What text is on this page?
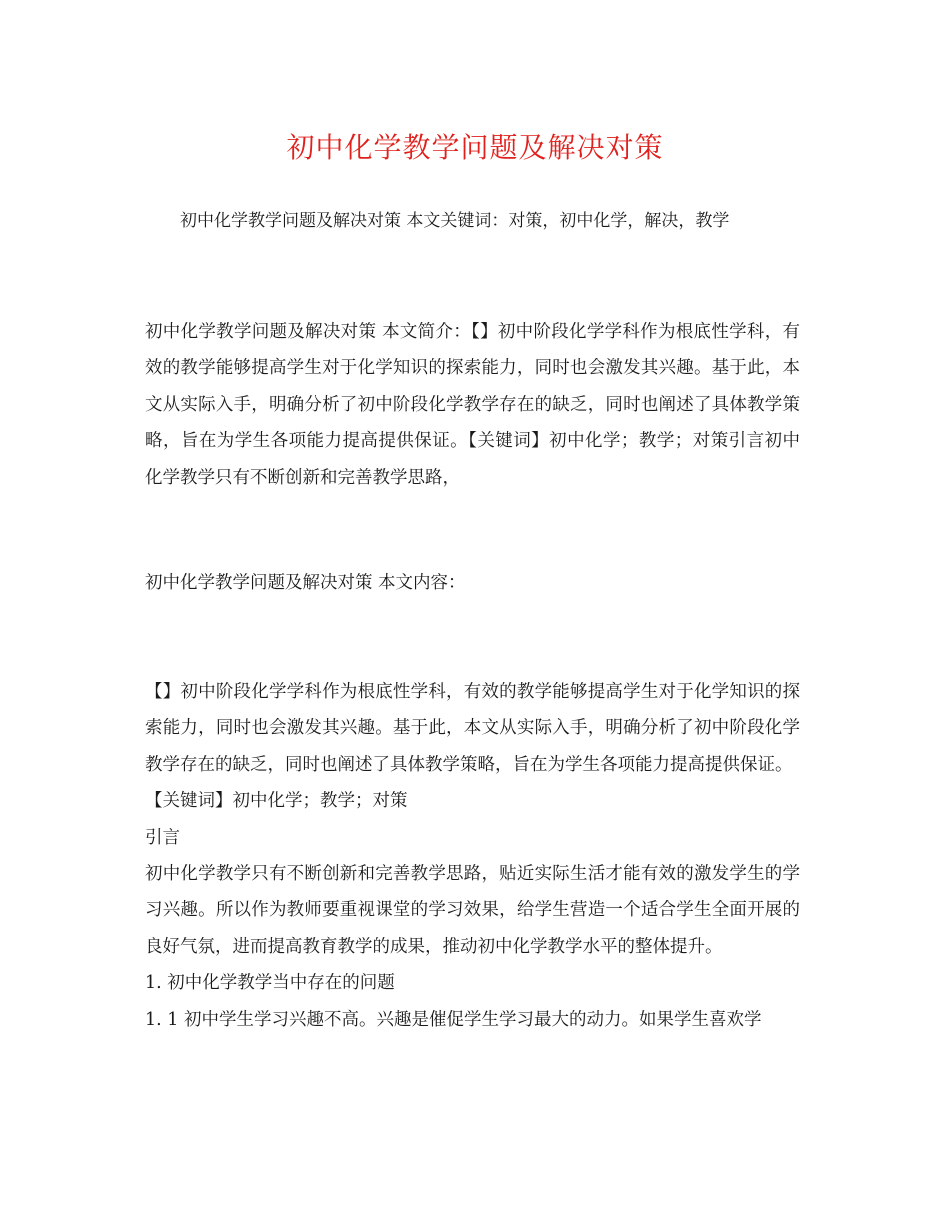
初中化学教学问题及解决对策
初中化学教学问题及解决对策 本文关键词：对策，初中化学，解决，教学

初中化学教学问题及解决对策 本文简介：【】初中阶段化学学科作为根底性学科，有效的教学能够提高学生对于化学知识的探索能力，同时也会激发其兴趣。基于此，本文从实际入手，明确分析了初中阶段化学教学存在的缺乏，同时也阐述了具体教学策略，旨在为学生各项能力提高提供保证。【关键词】初中化学；教学；对策引言初中化学教学只有不断创新和完善教学思路，

初中化学教学问题及解决对策 本文内容：

【】初中阶段化学学科作为根底性学科，有效的教学能够提高学生对于化学知识的探索能力，同时也会激发其兴趣。基于此，本文从实际入手，明确分析了初中阶段化学教学存在的缺乏，同时也阐述了具体教学策略，旨在为学生各项能力提高提供保证。

【关键词】初中化学；教学；对策

引言

初中化学教学只有不断创新和完善教学思路，贴近实际生活才能有效的激发学生的学习兴趣。所以作为教师要重视课堂的学习效果，给学生营造一个适合学生全面开展的良好气氛，进而提高教育教学的成果，推动初中化学教学水平的整体提升。

1. 初中化学教学当中存在的问题

1. 1 初中学生学习兴趣不高。兴趣是催促学生学习最大的动力。如果学生喜欢学
